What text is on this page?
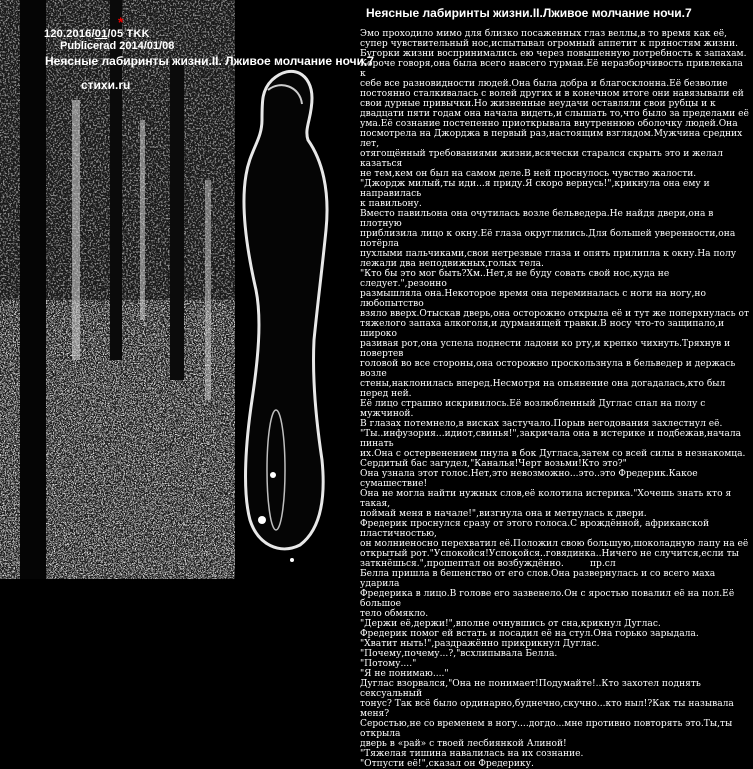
120.2016/01/05 TKK
*
Publicerad 2014/01/08
Неясные лабиринты жизни.II. Лживое молчание ночи.7
стихи.ru
Неясные лабиринты жизни.II.Лживое молчание ночи.7

Эмо проходило мимо для близко посаженных глаз веллы,в то время как её,

супер чувствительный нос,испытывал огромный аппетит к пряностям жизни.

Бугорки жизни воспринимались ею через повышенную потребность к запахам.

Короче говоря,она была всего навсего гурман.Её неразборчивость привлекала к

себе все разновидности людей.Она была добра и благосклонна.Её безволие

постоянно сталкивалась с волей других и в конечном итоге они навязывали ей

свои дурные привычки.Но жизненные неудачи оставляли свои рубцы и к

двадцати пяти годам она начала видеть,и слышать то,что было за пределами её

ума.Её сознание постепенно приоткрывала внутреннюю оболочку людей.Она

посмотрела на Джорджа в первый раз,настоящим взглядом.Мужчина средних лет,

отягощённый требованиями жизни,всячески старался скрыть это и желал казаться

не тем,кем он был на самом деле.В ней проснулось чувство жалости.

"Джордж милый,ты иди...я приду.Я скоро вернусь!",крикнула она ему и направилась

к павильону.

Вместо павильона она очутилась возле бельведера.Не найдя двери,она в плотную

приблизила лицо к окну.Её глаза округлились.Для большей уверенности,она потёрла

пухлыми пальчиками,свои нетрезвые глаза и опять прилипла к окну.На полу

лежали два неподвижных,голых тела.

"Кто бы это мог быть?Хм..Нет,я не буду совать свой нос,куда не следует.",резонно

размышляла она.Некоторое время она переминалась с ноги на ногу,но любопытство

взяло вверх.Отыскав дверь,она осторожно открыла её и тут же поперхнулась от

тяжелого запаха алкоголя,и дурманящей травки.В носу что-то защипало,и широко

разивая рот,она успела поднести ладони ко рту,и крепко чихнуть.Тряхнув и повертев

головой во все стороны,она осторожно проскользнула в бельведер и держась возле

стены,наклонилась вперед.Несмотря на опьянение она догадалась,кто был перед ней.

Её лицо страшно искривилось.Её возлюбленный Дуглас спал на полу с мужчиной.

В глазах потемнело,в висках застучало.Порыв негодования захлестнул её.

"Ты..инфузория...идиот,свинья!",закричала она в истерике и подбежав,начала пинать

их.Она с остервенением пнула в бок Дугласа,затем со всей силы в незнакомца.

Сердитый бас загудел,"Каналья!Черт возьми!Кто это?"

Она узнала этот голос.Нет,это невозможно...это..это Фредерик.Какое сумашествие!

Она не могла найти нужных слов,её колотила истерика."Хочешь знать кто я такая,

поймай меня в начале!",визгнула она и метнулась к двери.

Фредерик проснулся сразу от этого голоса.С врождённой, африканской пластичностью,

он молниеносно перехватил её.Положил свою большую,шоколадную лапу на её

открытый рот."Успокойся!Успокойся..говядинка..Ничего не случится,если ты

заткнёшься.",прошептал он возбуждённо.

Белла пришла в бешенство от его слов.Она развернулась и со всего маха ударила

Фредерика в лицо.В голове его зазвенело.Он с яростью повалил её на пол.Её большое

тело обмякло.

"Держи её,держи!",вполне очнувшись от сна,крикнул Дуглас.

Фредерик помог ей встать и посадил её на стул.Она горько зарыдала.

"Хватит ныть!",раздражённо прикрикнул Дуглас.

"Почему,почему...?,"всхлипывала Белла.

"Потому...."

"Я не понимаю...."

Дуглас взорвался,"Она не понимает!Подумайте!..Кто захотел поднять сексуальный

тонус? Так всё было ординарно,буднечно,скучно...кто ныл!?Как ты называла меня?

Серостью,не со временем в ногу....догдо...мне противно повторять это.Ты,ты открыла

дверь в «рай» с твоей лесбиянкой Алиной!

"Тяжелая тишина навалилась на их сознание.

"Отпусти её!",сказал он Фредерику.

пр.сл
